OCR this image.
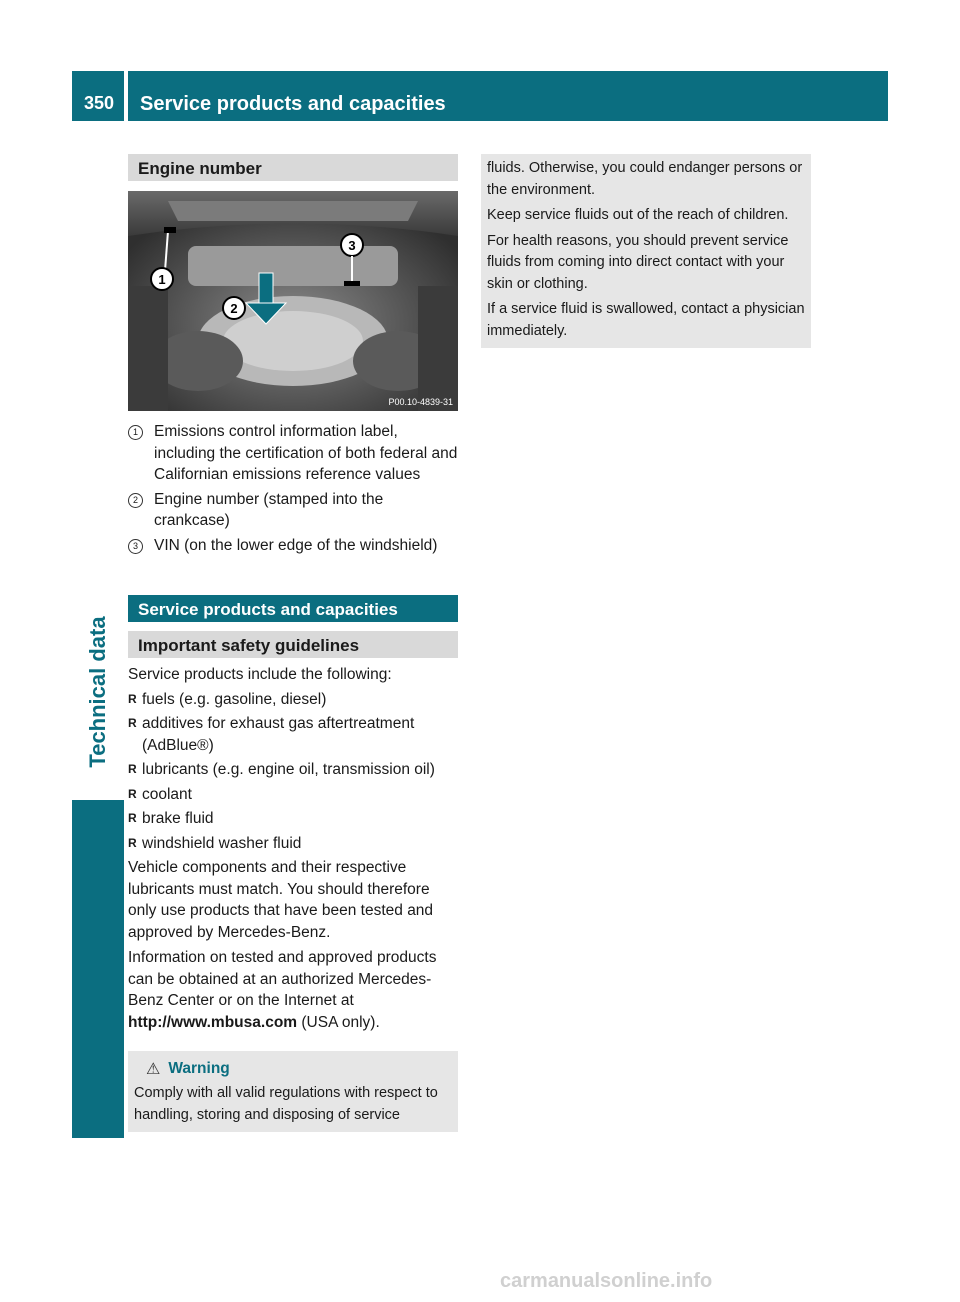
350	Service products and capacities
Technical data
Engine number
1
2
3
P00.10-4839-31
1	Emissions control information label, including the certification of both federal and Californian emissions reference values
2	Engine number (stamped into the crankcase)
3	VIN (on the lower edge of the windshield)
Service products and capacities
Important safety guidelines

Service products include the following:

R fuels (e.g. gasoline, diesel)
R additives for exhaust gas aftertreatment (AdBlue®)
R lubricants (e.g. engine oil, transmission oil)
R coolant
R brake fluid
R windshield washer fluid

Vehicle components and their respective lubricants must match. You should therefore only use products that have been tested and approved by Mercedes-Benz.

Information on tested and approved products can be obtained at an authorized Mercedes-Benz Center or on the Internet at http://www.mbusa.com (USA only).

⚠ Warning

Comply with all valid regulations with respect to handling, storing and disposing of service

fluids. Otherwise, you could endanger persons or the environment.

Keep service fluids out of the reach of children.

For health reasons, you should prevent service fluids from coming into direct contact with your skin or clothing.

If a service fluid is swallowed, contact a physician immediately.

carmanualsonline.info
